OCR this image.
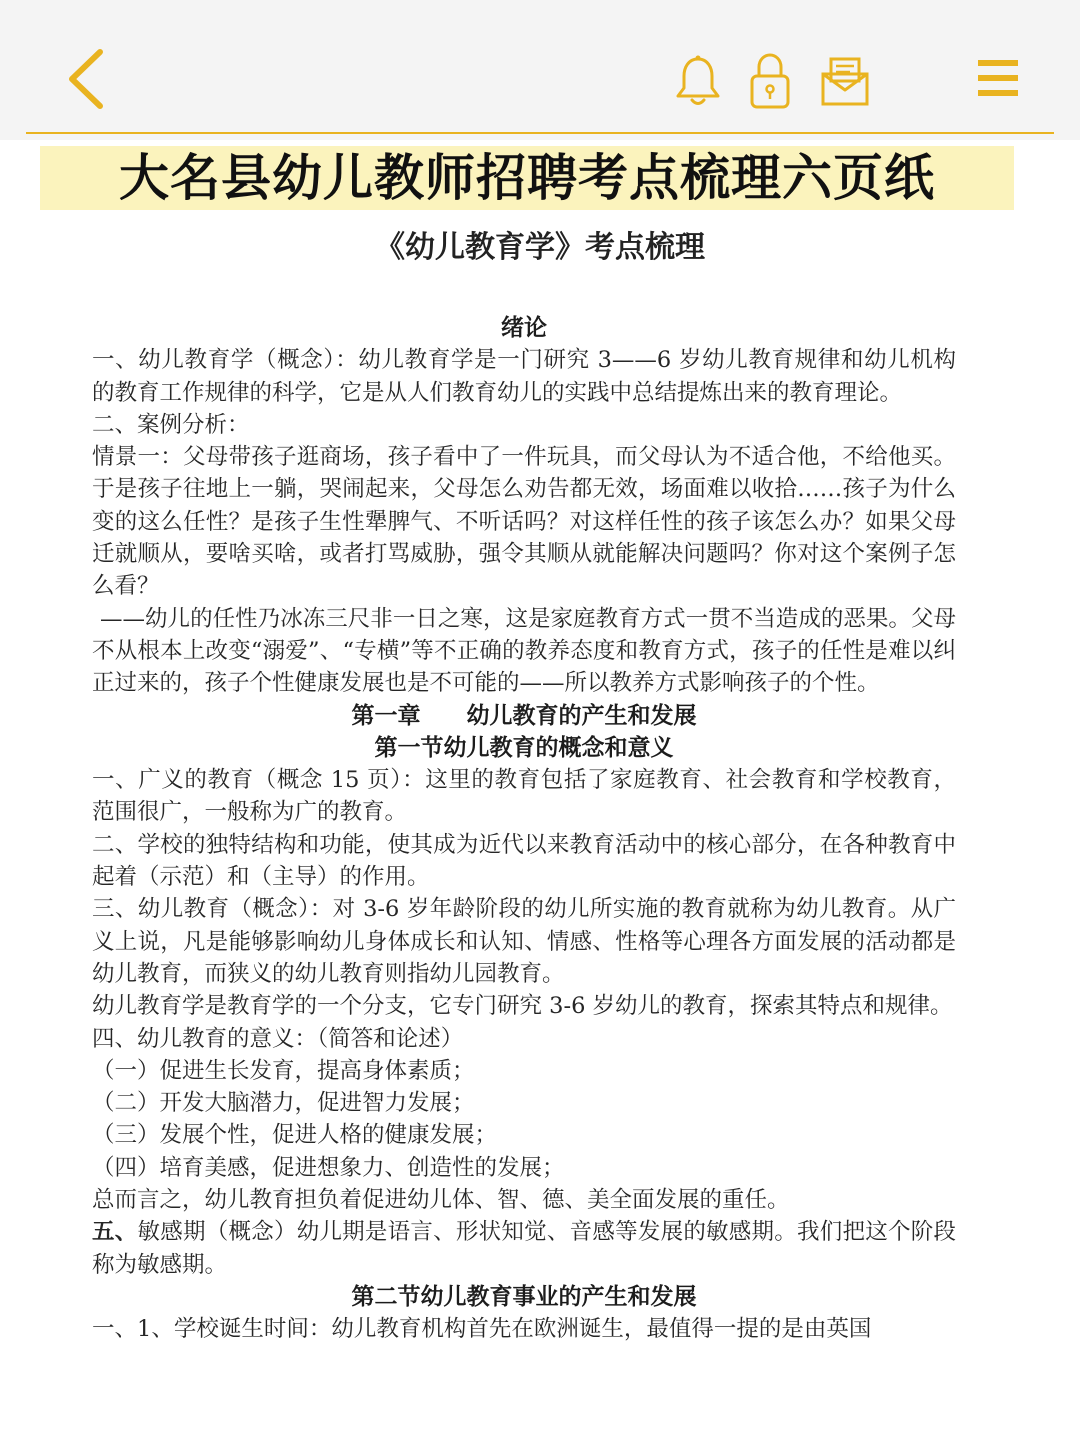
大名县幼儿教师招聘考点梳理六页纸
《幼儿教育学》考点梳理

绪论

一、幼儿教育学（概念）：幼儿教育学是一门研究 3——6 岁幼儿教育规律和幼儿机构的教育工作规律的科学，它是从人们教育幼儿的实践中总结提炼出来的教育理论。

二、案例分析：

情景一：父母带孩子逛商场，孩子看中了一件玩具，而父母认为不适合他，不给他买。于是孩子往地上一躺，哭闹起来，父母怎么劝告都无效，场面难以收拾……孩子为什么变的这么任性？是孩子生性犟脾气、不听话吗？对这样任性的孩子该怎么办？如果父母迁就顺从，要啥买啥，或者打骂威胁，强令其顺从就能解决问题吗？你对这个案例子怎么看？

——幼儿的任性乃冰冻三尺非一日之寒，这是家庭教育方式一贯不当造成的恶果。父母不从根本上改变“溺爱”、“专横”等不正确的教养态度和教育方式，孩子的任性是难以纠正过来的，孩子个性健康发展也是不可能的——所以教养方式影响孩子的个性。

第一章　　幼儿教育的产生和发展

第一节幼儿教育的概念和意义

一、广义的教育（概念 15 页）：这里的教育包括了家庭教育、社会教育和学校教育，范围很广，一般称为广的教育。

二、学校的独特结构和功能，使其成为近代以来教育活动中的核心部分，在各种教育中起着（示范）和（主导）的作用。

三、幼儿教育（概念）：对 3-6 岁年龄阶段的幼儿所实施的教育就称为幼儿教育。从广义上说，凡是能够影响幼儿身体成长和认知、情感、性格等心理各方面发展的活动都是幼儿教育，而狭义的幼儿教育则指幼儿园教育。

幼儿教育学是教育学的一个分支，它专门研究 3-6 岁幼儿的教育，探索其特点和规律。

四、幼儿教育的意义：（简答和论述）

（一）促进生长发育，提高身体素质；

（二）开发大脑潜力，促进智力发展；

（三）发展个性，促进人格的健康发展；

（四）培育美感，促进想象力、创造性的发展；

总而言之，幼儿教育担负着促进幼儿体、智、德、美全面发展的重任。

五、敏感期（概念）幼儿期是语言、形状知觉、音感等发展的敏感期。我们把这个阶段称为敏感期。

第二节幼儿教育事业的产生和发展

一、1、学校诞生时间：幼儿教育机构首先在欧洲诞生，最值得一提的是由英国
